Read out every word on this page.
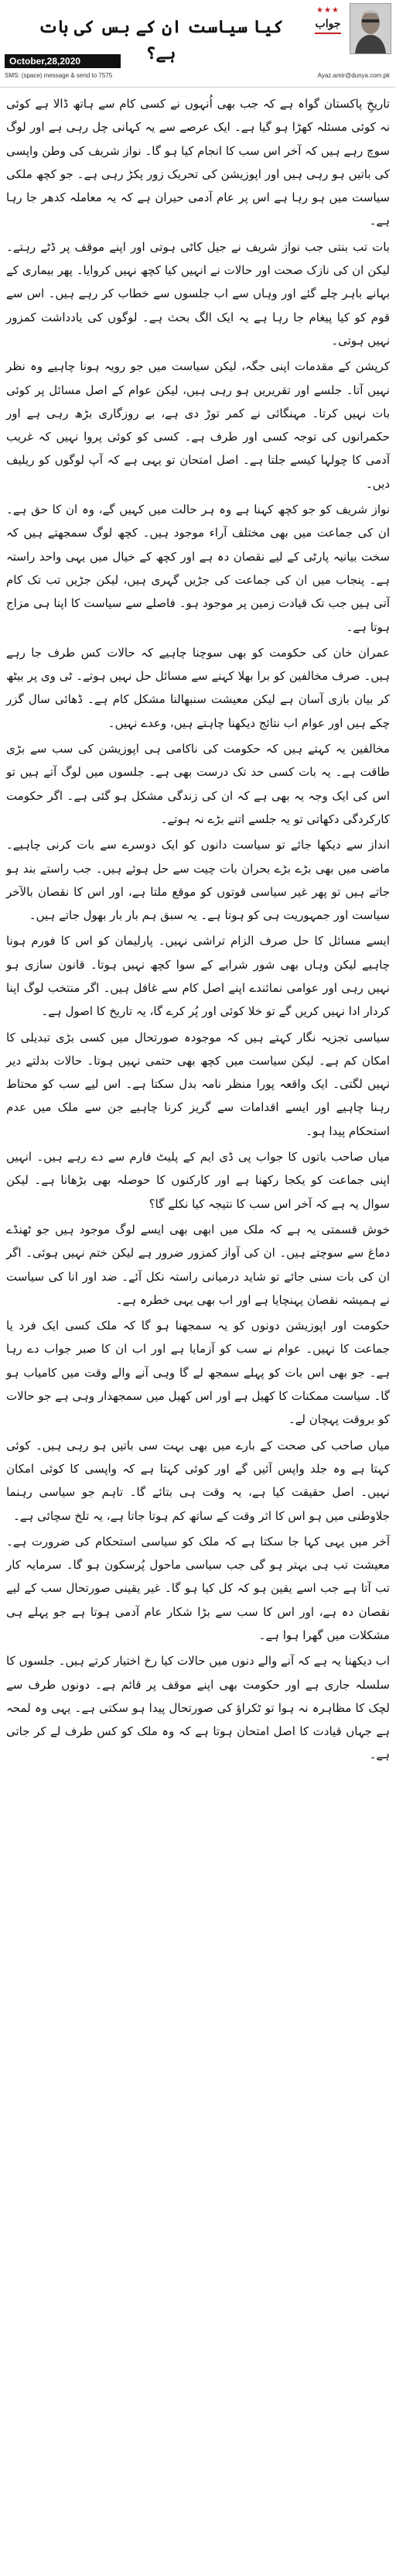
کیا سیاست ان کے بس کی بات ہے؟
★★★
جواب
October,28,2020
SMS: (space) message & send to 7575	Ayaz.amir@dunya.com.pk

تاریخِ پاکستان گواہ ہے کہ جب بھی اُنہوں نے کسی کام سے ہاتھ ڈالا ہے کوئی نہ کوئی مسئلہ کھڑا ہو گیا ہے۔ ایک عرصے سے یہ کہانی چل رہی ہے اور لوگ سوچ رہے ہیں کہ آخر اس سب کا انجام کیا ہو گا۔ نواز شریف کی وطن واپسی کی باتیں ہو رہی ہیں اور اپوزیشن کی تحریک زور پکڑ رہی ہے۔ جو کچھ ملکی سیاست میں ہو رہا ہے اس پر عام آدمی حیران ہے کہ یہ معاملہ کدھر جا رہا ہے۔

بات تب بنتی جب نواز شریف نے جیل کاٹی ہوتی اور اپنے موقف پر ڈٹے رہتے۔ لیکن ان کی نازک صحت اور حالات نے انہیں کیا کچھ نہیں کروایا۔ پھر بیماری کے بہانے باہر چلے گئے اور وہاں سے اب جلسوں سے خطاب کر رہے ہیں۔ اس سے قوم کو کیا پیغام جا رہا ہے یہ ایک الگ بحث ہے۔ لوگوں کی یادداشت کمزور نہیں ہوتی۔

کرپشن کے مقدمات اپنی جگہ، لیکن سیاست میں جو رویہ ہونا چاہیے وہ نظر نہیں آتا۔ جلسے اور تقریریں ہو رہی ہیں، لیکن عوام کے اصل مسائل پر کوئی بات نہیں کرتا۔ مہنگائی نے کمر توڑ دی ہے، بے روزگاری بڑھ رہی ہے اور حکمرانوں کی توجہ کسی اور طرف ہے۔ کسی کو کوئی پروا نہیں کہ غریب آدمی کا چولہا کیسے جلتا ہے۔ اصل امتحان تو یہی ہے کہ آپ لوگوں کو ریلیف دیں۔

نواز شریف کو جو کچھ کہنا ہے وہ ہر حالت میں کہیں گے، وہ ان کا حق ہے۔ ان کی جماعت میں بھی مختلف آراء موجود ہیں۔ کچھ لوگ سمجھتے ہیں کہ سخت بیانیہ پارٹی کے لیے نقصان دہ ہے اور کچھ کے خیال میں یہی واحد راستہ ہے۔ پنجاب میں ان کی جماعت کی جڑیں گہری ہیں، لیکن جڑیں تب تک کام آتی ہیں جب تک قیادت زمین پر موجود ہو۔ فاصلے سے سیاست کا اپنا ہی مزاج ہوتا ہے۔

عمران خان کی حکومت کو بھی سوچنا چاہیے کہ حالات کس طرف جا رہے ہیں۔ صرف مخالفین کو برا بھلا کہنے سے مسائل حل نہیں ہوتے۔ ٹی وی پر بیٹھ کر بیان بازی آسان ہے لیکن معیشت سنبھالنا مشکل کام ہے۔ ڈھائی سال گزر چکے ہیں اور عوام اب نتائج دیکھنا چاہتے ہیں، وعدے نہیں۔

مخالفین یہ کہتے ہیں کہ حکومت کی ناکامی ہی اپوزیشن کی سب سے بڑی طاقت ہے۔ یہ بات کسی حد تک درست بھی ہے۔ جلسوں میں لوگ آتے ہیں تو اس کی ایک وجہ یہ بھی ہے کہ ان کی زندگی مشکل ہو گئی ہے۔ اگر حکومت کارکردگی دکھاتی تو یہ جلسے اتنے بڑے نہ ہوتے۔

انداز سے دیکھا جائے تو سیاست دانوں کو ایک دوسرے سے بات کرنی چاہیے۔ ماضی میں بھی بڑے بڑے بحران بات چیت سے حل ہوئے ہیں۔ جب راستے بند ہو جاتے ہیں تو پھر غیر سیاسی قوتوں کو موقع ملتا ہے، اور اس کا نقصان بالآخر سیاست اور جمہوریت ہی کو ہوتا ہے۔ یہ سبق ہم بار بار بھول جاتے ہیں۔

ایسے مسائل کا حل صرف الزام تراشی نہیں۔ پارلیمان کو اس کا فورم ہونا چاہیے لیکن وہاں بھی شور شرابے کے سوا کچھ نہیں ہوتا۔ قانون سازی ہو نہیں رہی اور عوامی نمائندے اپنے اصل کام سے غافل ہیں۔ اگر منتخب لوگ اپنا کردار ادا نہیں کریں گے تو خلا کوئی اور پُر کرے گا، یہ تاریخ کا اصول ہے۔

سیاسی تجزیہ نگار کہتے ہیں کہ موجودہ صورتحال میں کسی بڑی تبدیلی کا امکان کم ہے۔ لیکن سیاست میں کچھ بھی حتمی نہیں ہوتا۔ حالات بدلتے دیر نہیں لگتی۔ ایک واقعہ پورا منظر نامہ بدل سکتا ہے۔ اس لیے سب کو محتاط رہنا چاہیے اور ایسے اقدامات سے گریز کرنا چاہیے جن سے ملک میں عدم استحکام پیدا ہو۔

میاں صاحب باتوں کا جواب پی ڈی ایم کے پلیٹ فارم سے دے رہے ہیں۔ انہیں اپنی جماعت کو یکجا رکھنا ہے اور کارکنوں کا حوصلہ بھی بڑھانا ہے۔ لیکن سوال یہ ہے کہ آخر اس سب کا نتیجہ کیا نکلے گا؟

خوش قسمتی یہ ہے کہ ملک میں ابھی بھی ایسے لوگ موجود ہیں جو ٹھنڈے دماغ سے سوچتے ہیں۔ ان کی آواز کمزور ضرور ہے لیکن ختم نہیں ہوئی۔ اگر ان کی بات سنی جائے تو شاید درمیانی راستہ نکل آئے۔ ضد اور انا کی سیاست نے ہمیشہ نقصان پہنچایا ہے اور اب بھی یہی خطرہ ہے۔

حکومت اور اپوزیشن دونوں کو یہ سمجھنا ہو گا کہ ملک کسی ایک فرد یا جماعت کا نہیں۔ عوام نے سب کو آزمایا ہے اور اب ان کا صبر جواب دے رہا ہے۔ جو بھی اس بات کو پہلے سمجھ لے گا وہی آنے والے وقت میں کامیاب ہو گا۔ سیاست ممکنات کا کھیل ہے اور اس کھیل میں سمجھدار وہی ہے جو حالات کو بروقت پہچان لے۔

میاں صاحب کی صحت کے بارے میں بھی بہت سی باتیں ہو رہی ہیں۔ کوئی کہتا ہے وہ جلد واپس آئیں گے اور کوئی کہتا ہے کہ واپسی کا کوئی امکان نہیں۔ اصل حقیقت کیا ہے، یہ وقت ہی بتائے گا۔ تاہم جو سیاسی رہنما جلاوطنی میں ہو اس کا اثر وقت کے ساتھ کم ہوتا جاتا ہے، یہ تلخ سچائی ہے۔

آخر میں یہی کہا جا سکتا ہے کہ ملک کو سیاسی استحکام کی ضرورت ہے۔ معیشت تب ہی بہتر ہو گی جب سیاسی ماحول پُرسکون ہو گا۔ سرمایہ کار تب آتا ہے جب اسے یقین ہو کہ کل کیا ہو گا۔ غیر یقینی صورتحال سب کے لیے نقصان دہ ہے، اور اس کا سب سے بڑا شکار عام آدمی ہوتا ہے جو پہلے ہی مشکلات میں گھرا ہوا ہے۔

اب دیکھنا یہ ہے کہ آنے والے دنوں میں حالات کیا رخ اختیار کرتے ہیں۔ جلسوں کا سلسلہ جاری ہے اور حکومت بھی اپنے موقف پر قائم ہے۔ دونوں طرف سے لچک کا مظاہرہ نہ ہوا تو ٹکراؤ کی صورتحال پیدا ہو سکتی ہے۔ یہی وہ لمحہ ہے جہاں قیادت کا اصل امتحان ہوتا ہے کہ وہ ملک کو کس طرف لے کر جاتی ہے۔
